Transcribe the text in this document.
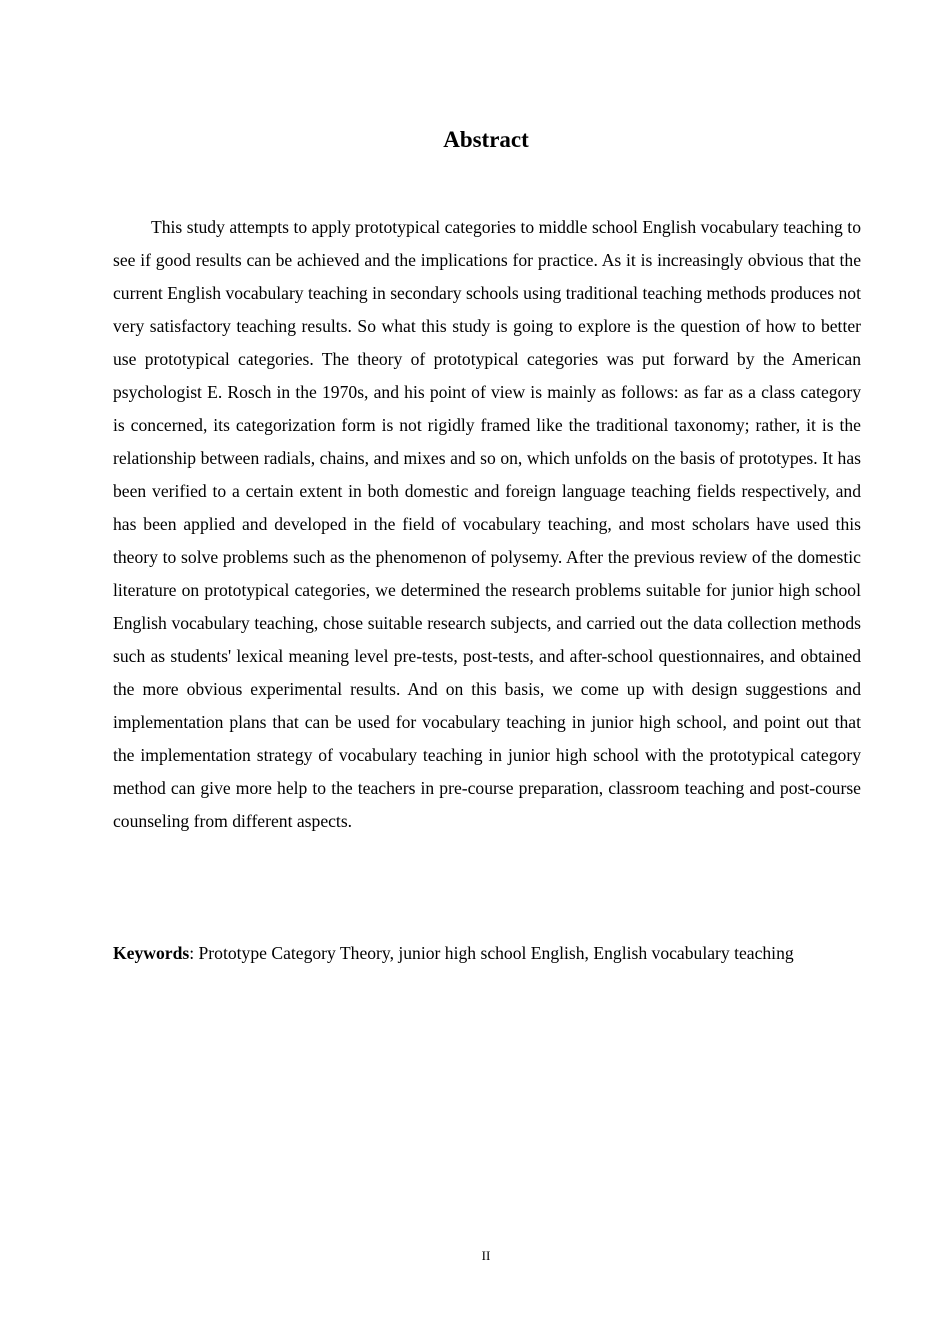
Abstract

This study attempts to apply prototypical categories to middle school English vocabulary teaching to see if good results can be achieved and the implications for practice. As it is increasingly obvious that the current English vocabulary teaching in secondary schools using traditional teaching methods produces not very satisfactory teaching results. So what this study is going to explore is the question of how to better use prototypical categories. The theory of prototypical categories was put forward by the American psychologist E. Rosch in the 1970s, and his point of view is mainly as follows: as far as a class category is concerned, its categorization form is not rigidly framed like the traditional taxonomy; rather, it is the relationship between radials, chains, and mixes and so on, which unfolds on the basis of prototypes. It has been verified to a certain extent in both domestic and foreign language teaching fields respectively, and has been applied and developed in the field of vocabulary teaching, and most scholars have used this theory to solve problems such as the phenomenon of polysemy. After the previous review of the domestic literature on prototypical categories, we determined the research problems suitable for junior high school English vocabulary teaching, chose suitable research subjects, and carried out the data collection methods such as students' lexical meaning level pre-tests, post-tests, and after-school questionnaires, and obtained the more obvious experimental results. And on this basis, we come up with design suggestions and implementation plans that can be used for vocabulary teaching in junior high school, and point out that the implementation strategy of vocabulary teaching in junior high school with the prototypical category method can give more help to the teachers in pre-course preparation, classroom teaching and post-course counseling from different aspects.

Keywords: Prototype Category Theory, junior high school English, English vocabulary teaching

II
